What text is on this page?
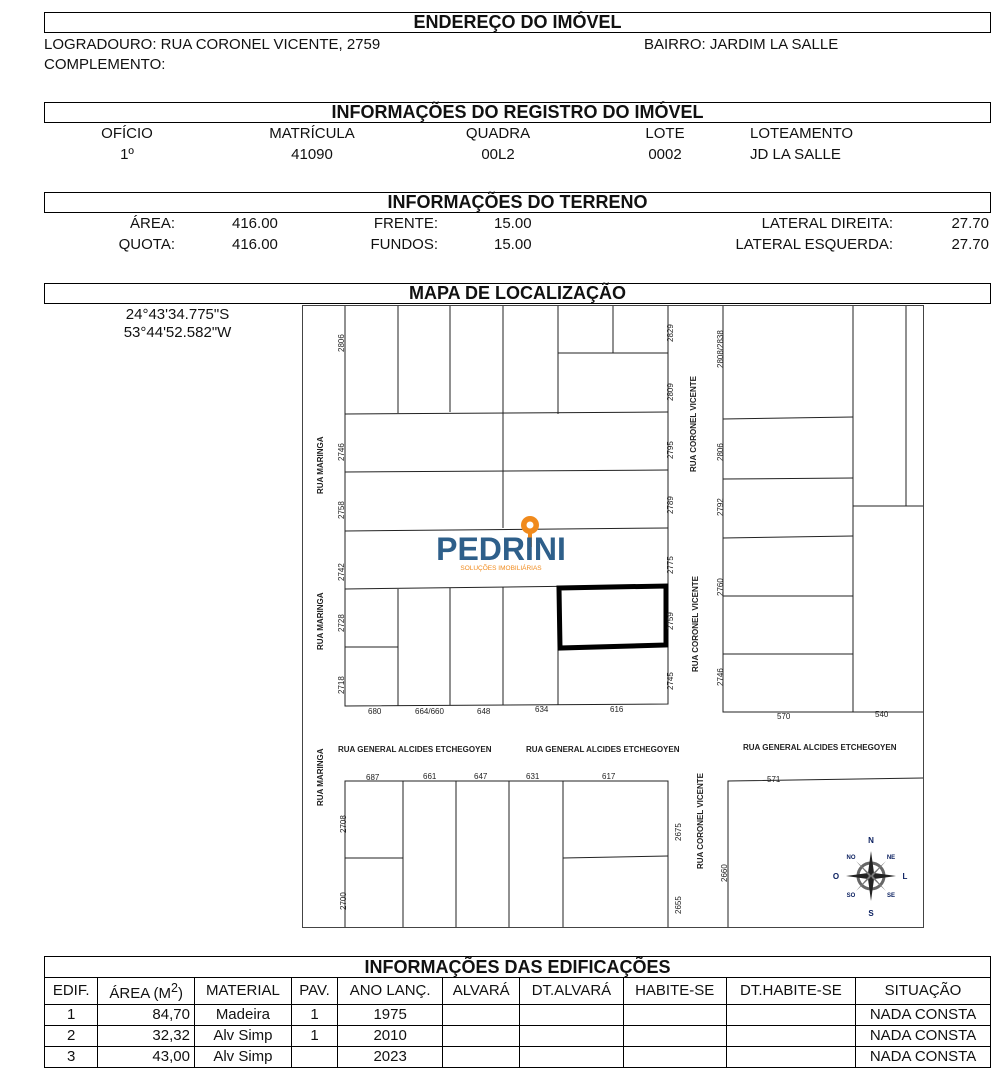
ENDEREÇO DO IMÓVEL
LOGRADOURO: RUA CORONEL VICENTE, 2759	BAIRRO: JARDIM LA SALLE
COMPLEMENTO:
INFORMAÇÕES DO REGISTRO DO IMÓVEL
OFÍCIO	MATRÍCULA	QUADRA	LOTE	LOTEAMENTO
1º	41090	00L2	0002	JD LA SALLE
INFORMAÇÕES DO TERRENO
ÁREA:	416.00	FRENTE:	15.00	LATERAL DIREITA:	27.70
QUOTA:	416.00	FUNDOS:	15.00	LATERAL ESQUERDA:	27.70
MAPA DE LOCALIZAÇÃO
24°43'34.775"S
53°44'52.582"W
RUA MARINGA
RUA MARINGA
RUA MARINGA
RUA CORONEL VICENTE
RUA CORONEL VICENTE
RUA CORONEL VICENTE
RUA GENERAL ALCIDES ETCHEGOYEN	RUA GENERAL ALCIDES ETCHEGOYEN	RUA GENERAL ALCIDES ETCHEGOYEN
2806
2746
2758
2742
2728
2718
2829
2809
2795
2789
2775
2759
2745
2808/2838
2806
2792
2760
2746
680	664/660	648	634	616
570	540
687	661	647	631	617	571
2708
2700
2675
2655
2660
PEDRINI
SOLUÇÕES IMOBILIÁRIAS
N
S
O	L
NO	NE
SO	SE
INFORMAÇÕES DAS EDIFICAÇÕES									
EDIF.	ÁREA $(M^2)$	MATERIAL	PAV.	ANO LANÇ.	ALVARÁ	DT.ALVARÁ	HABITE-SE	DT.HABITE-SE	SITUAÇÃO
1	84,70	Madeira	1	1975					NADA CONSTA
2	32,32	Alv Simp	1	2010					NADA CONSTA
3	43,00	Alv Simp		2023					NADA CONSTA
